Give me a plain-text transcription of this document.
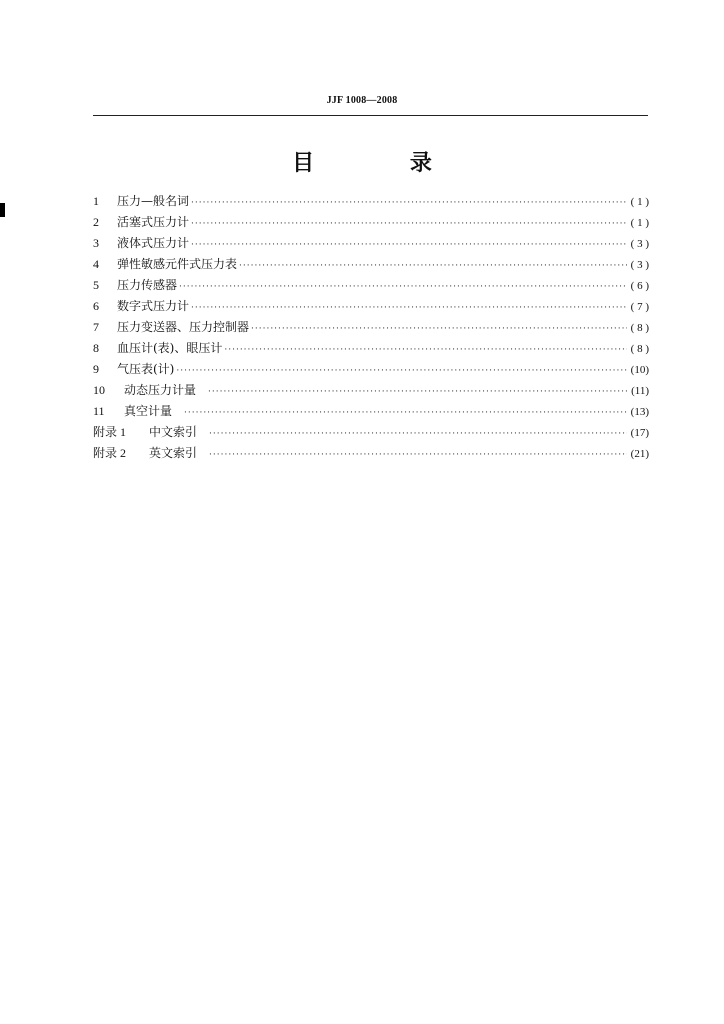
JJF 1008—2008
目 录
1	压力—般名词 ·····	( 1 )
2	活塞式压力计 ·····	( 1 )
3	液体式压力计 ·····	( 3 )
4	弹性敏感元件式压力表 ·····	( 3 )
5	压力传感器 ·····	( 6 )
6	数字式压力计 ·····	( 7 )
7	压力变送器、压力控制器 ·····	( 8 )
8	血压计(表)、眼压计 ·····	( 8 )
9	气压表(计) ·····	(10)
10	动态压力计量 ·····	(11)
11	真空计量 ·····	(13)
附录 1	中文索引 ·····	(17)
附录 2	英文索引 ·····	(21)
